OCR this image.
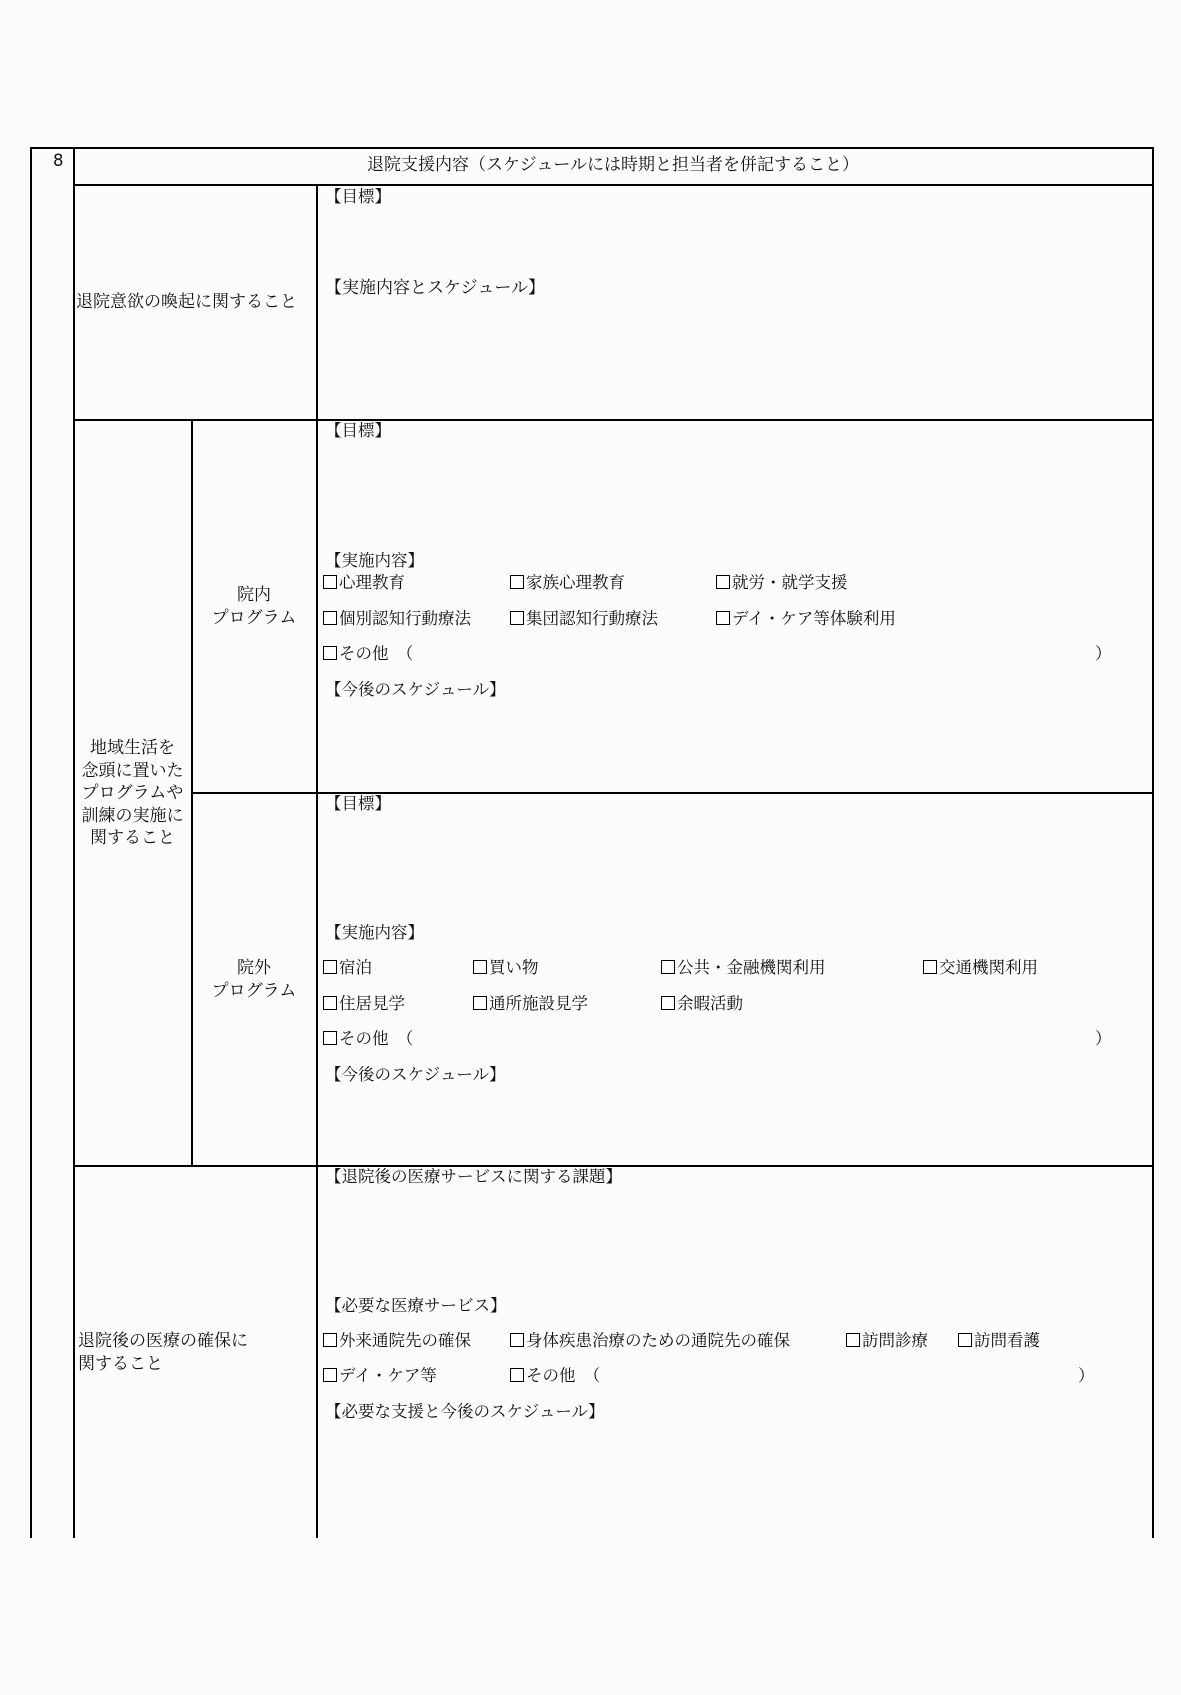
8	退院支援内容（スケジュールには時期と担当者を併記すること）
退院意欲の喚起に関すること
【目標】
【実施内容とスケジュール】
地域生活を
念頭に置いた
プログラムや
訓練の実施に
関すること
院内
プログラム
【目標】
【実施内容】
心理教育	家族心理教育	就労・就学支援
個別認知行動療法	集団認知行動療法	デイ・ケア等体験利用
その他　（	）
【今後のスケジュール】
院外
プログラム
【目標】
【実施内容】
宿泊	買い物	公共・金融機関利用	交通機関利用
住居見学	通所施設見学	余暇活動
その他　（	）
【今後のスケジュール】
退院後の医療の確保に
関すること
【退院後の医療サービスに関する課題】
【必要な医療サービス】
外来通院先の確保	身体疾患治療のための通院先の確保	訪問診療	訪問看護
デイ・ケア等	その他　（	）
【必要な支援と今後のスケジュール】
